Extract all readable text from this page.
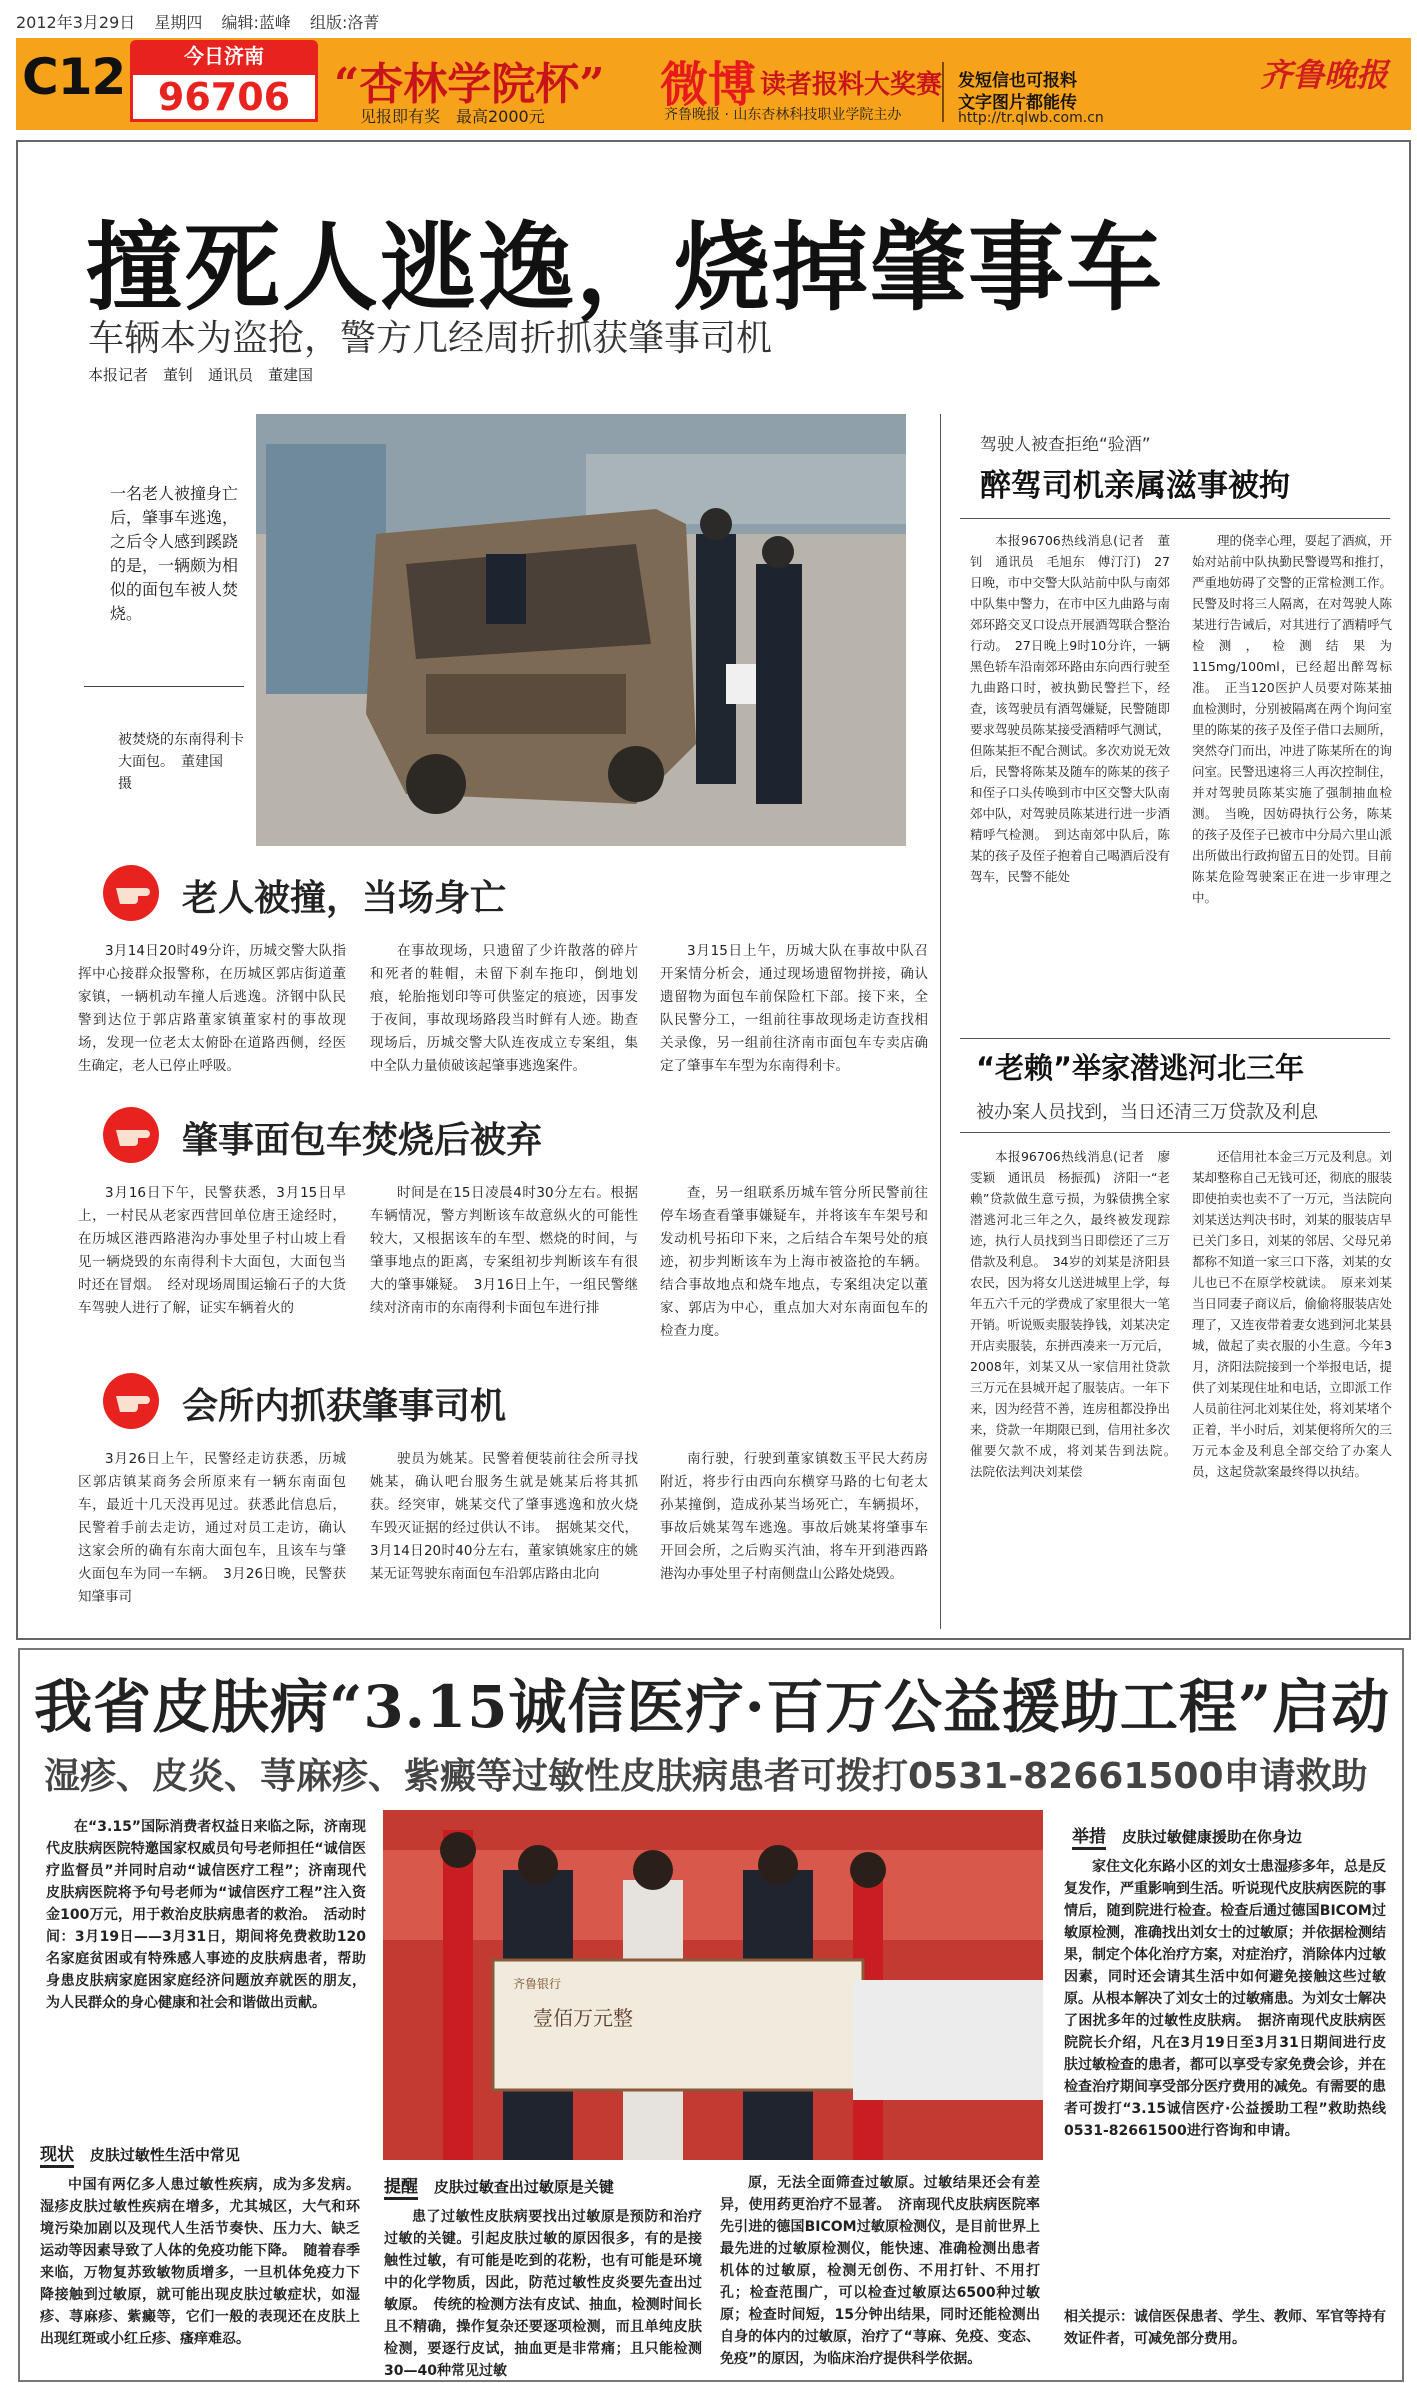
2012年3月29日 星期四 编辑:蓝峰 组版:洛菁
C12	今日济南
96706 “杏林学院杯”
见报即有奖　最高2000元
微博 读者报料大奖赛
齐鲁晚报 · 山东杏林科技职业学院主办
发短信也可报料
文字图片都能传
http://tr.qlwb.com.cn
齐鲁晚报
撞死人逃逸，烧掉肇事车
车辆本为盗抢，警方几经周折抓获肇事司机
本报记者　董钊　通讯员　董建国
一名老人被撞身亡后，肇事车逃逸，之后令人感到蹊跷的是，一辆颇为相似的面包车被人焚烧。
被焚烧的东南得利卡大面包。　董建国　摄
老人被撞，当场身亡

3月14日20时49分许，历城交警大队指挥中心接群众报警称，在历城区郭店街道董家镇，一辆机动车撞人后逃逸。济钢中队民警到达位于郭店路董家镇董家村的事故现场，发现一位老太太俯卧在道路西侧，经医生确定，老人已停止呼吸。

在事故现场，只遗留了少许散落的碎片和死者的鞋帽，未留下刹车拖印，倒地划痕，轮胎拖划印等可供鉴定的痕迹，因事发于夜间，事故现场路段当时鲜有人迹。勘查现场后，历城交警大队连夜成立专案组，集中全队力量侦破该起肇事逃逸案件。

3月15日上午，历城大队在事故中队召开案情分析会，通过现场遗留物拼接，确认遗留物为面包车前保险杠下部。接下来，全队民警分工，一组前往事故现场走访查找相关录像，另一组前往济南市面包车专卖店确定了肇事车车型为东南得利卡。

肇事面包车焚烧后被弃

3月16日下午，民警获悉，3月15日早上，一村民从老家西营回单位唐王途经时，在历城区港西路港沟办事处里子村山坡上看见一辆烧毁的东南得利卡大面包，大面包当时还在冒烟。　经对现场周围运输石子的大货车驾驶人进行了解，证实车辆着火的

时间是在15日凌晨4时30分左右。根据车辆情况，警方判断该车故意纵火的可能性较大，又根据该车的车型、燃烧的时间，与肇事地点的距离，专案组初步判断该车有很大的肇事嫌疑。　3月16日上午，一组民警继续对济南市的东南得利卡面包车进行排

查，另一组联系历城车管分所民警前往停车场查看肇事嫌疑车，并将该车车架号和发动机号拓印下来，之后结合车架号处的痕迹，初步判断该车为上海市被盗抢的车辆。结合事故地点和烧车地点，专案组决定以董家、郭店为中心，重点加大对东南面包车的检查力度。

会所内抓获肇事司机

3月26日上午，民警经走访获悉，历城区郭店镇某商务会所原来有一辆东南面包车，最近十几天没再见过。获悉此信息后，民警着手前去走访，通过对员工走访，确认这家会所的确有东南大面包车，且该车与肇火面包车为同一车辆。　3月26日晚，民警获知肇事司

驶员为姚某。民警着便装前往会所寻找姚某，确认吧台服务生就是姚某后将其抓获。经突审，姚某交代了肇事逃逸和放火烧车毁灭证据的经过供认不讳。　据姚某交代，3月14日20时40分左右，董家镇姚家庄的姚某无证驾驶东南面包车沿郭店路由北向

南行驶，行驶到董家镇数玉平民大药房附近，将步行由西向东横穿马路的七旬老太孙某撞倒，造成孙某当场死亡，车辆损坏，事故后姚某驾车逃逸。事故后姚某将肇事车开回会所，之后购买汽油，将车开到港西路港沟办事处里子村南侧盘山公路处烧毁。

驾驶人被查拒绝“验酒”
醉驾司机亲属滋事被拘

本报96706热线消息(记者　董钊　通讯员　毛旭东　傅汀汀)　27日晚，市中交警大队站前中队与南郊中队集中警力，在市中区九曲路与南郊环路交叉口设点开展酒驾联合整治行动。　27日晚上9时10分许，一辆黑色轿车沿南郊环路由东向西行驶至九曲路口时，被执勤民警拦下，经查，该驾驶员有酒驾嫌疑，民警随即要求驾驶员陈某接受酒精呼气测试，但陈某拒不配合测试。多次劝说无效后，民警将陈某及随车的陈某的孩子和侄子口头传唤到市中区交警大队南郊中队，对驾驶员陈某进行进一步酒精呼气检测。　到达南郊中队后，陈某的孩子及侄子抱着自己喝酒后没有驾车，民警不能处

理的侥幸心理，耍起了酒疯，开始对站前中队执勤民警谩骂和推打，严重地妨碍了交警的正常检测工作。民警及时将三人隔离，在对驾驶人陈某进行告诫后，对其进行了酒精呼气检测，检测结果为115mg/100ml，已经超出醉驾标准。　正当120医护人员要对陈某抽血检测时，分别被隔离在两个询问室里的陈某的孩子及侄子借口去厕所，突然夺门而出，冲进了陈某所在的询问室。民警迅速将三人再次控制住，并对驾驶员陈某实施了强制抽血检测。　当晚，因妨碍执行公务，陈某的孩子及侄子已被市中分局六里山派出所做出行政拘留五日的处罚。目前陈某危险驾驶案正在进一步审理之中。

“老赖”举家潜逃河北三年
被办案人员找到，当日还清三万贷款及利息

本报96706热线消息(记者　廖雯颖　通讯员　杨振孤)　济阳一“老赖”贷款做生意亏损，为躲债携全家潜逃河北三年之久，最终被发现踪迹，执行人员找到当日即偿还了三万借款及利息。　34岁的刘某是济阳县农民，因为将女儿送进城里上学，每年五六千元的学费成了家里很大一笔开销。听说贩卖服装挣钱，刘某决定开店卖服装，东拼西凑来一万元后，2008年，刘某又从一家信用社贷款三万元在县城开起了服装店。一年下来，因为经营不善，连房租都没挣出来，贷款一年期限已到，信用社多次催要欠款不成，将刘某告到法院。　法院依法判决刘某偿

还信用社本金三万元及利息。刘某却整称自己无钱可还，彻底的服装即使拍卖也卖不了一万元，当法院向刘某送达判决书时，刘某的服装店早已关门多日，刘某的邻居、父母兄弟都称不知道一家三口下落，刘某的女儿也已不在原学校就读。　原来刘某当日同妻子商议后，偷偷将服装店处理了，又连夜带着妻女逃到河北某县城，做起了卖衣服的小生意。今年3月，济阳法院接到一个举报电话，提供了刘某现住址和电话，立即派工作人员前往河北刘某住处，将刘某堵个正着，半小时后，刘某便将所欠的三万元本金及利息全部交给了办案人员，这起贷款案最终得以执结。

我省皮肤病“3.15诚信医疗·百万公益援助工程”启动
湿疹、皮炎、荨麻疹、紫癜等过敏性皮肤病患者可拨打0531-82661500申请救助

在“3.15”国际消费者权益日来临之际，济南现代皮肤病医院特邀国家权威员句号老师担任“诚信医疗监督员”并同时启动“诚信医疗工程”；济南现代皮肤病医院将予句号老师为“诚信医疗工程”注入资金100万元，用于救治皮肤病患者的救治。　活动时间：3月19日——3月31日，期间将免费救助120名家庭贫困或有特殊感人事迹的皮肤病患者，帮助身患皮肤病家庭困家庭经济问题放弃就医的朋友，为人民群众的身心健康和社会和谐做出贡献。

壹佰万元整
齐鲁银行
现状 皮肤过敏性生活中常见

中国有两亿多人患过敏性疾病，成为多发病。湿疹皮肤过敏性疾病在增多，尤其城区，大气和环境污染加剧以及现代人生活节奏快、压力大、缺乏运动等因素导致了人体的免疫功能下降。　随着春季来临，万物复苏致敏物质增多，一旦机体免疫力下降接触到过敏原，就可能出现皮肤过敏症状，如湿疹、荨麻疹、紫癜等，它们一般的表现还在皮肤上出现红斑或小红丘疹、瘙痒难忍。

提醒 皮肤过敏查出过敏原是关键

患了过敏性皮肤病要找出过敏原是预防和治疗过敏的关键。引起皮肤过敏的原因很多，有的是接触性过敏，有可能是吃到的花粉，也有可能是环境中的化学物质，因此，防范过敏性皮炎要先查出过敏原。　传统的检测方法有皮试、抽血，检测时间长且不精确，操作复杂还要逐项检测，而且单纯皮肤检测，要逐行皮试，抽血更是非常痛；且只能检测30—40种常见过敏

原，无法全面筛查过敏原。过敏结果还会有差异，使用药更治疗不显著。　济南现代皮肤病医院率先引进的德国BICOM过敏原检测仪，是目前世界上最先进的过敏原检测仪，能快速、准确检测出患者机体的过敏原，检测无创伤、不用打针、不用打孔；检查范围广，可以检查过敏原达6500种过敏原；检查时间短，15分钟出结果，同时还能检测出自身的体内的过敏原，治疗了“荨麻、免疫、变态、免疫”的原因，为临床治疗提供科学依据。

举措 皮肤过敏健康援助在你身边

家住文化东路小区的刘女士患湿疹多年，总是反复发作，严重影响到生活。听说现代皮肤病医院的事情后，随到院进行检查。检查后通过德国BICOM过敏原检测，准确找出刘女士的过敏原；并依据检测结果，制定个体化治疗方案，对症治疗，消除体内过敏因素，同时还会请其生活中如何避免接触这些过敏原。从根本解决了刘女士的过敏痛患。为刘女士解决了困扰多年的过敏性皮肤病。　据济南现代皮肤病医院院长介绍，凡在3月19日至3月31日期间进行皮肤过敏检查的患者，都可以享受专家免费会诊，并在检查治疗期间享受部分医疗费用的减免。有需要的患者可拨打“3.15诚信医疗·公益援助工程”救助热线0531-82661500进行咨询和申请。

相关提示：诚信医保患者、学生、教师、军官等持有效证件者，可减免部分费用。
